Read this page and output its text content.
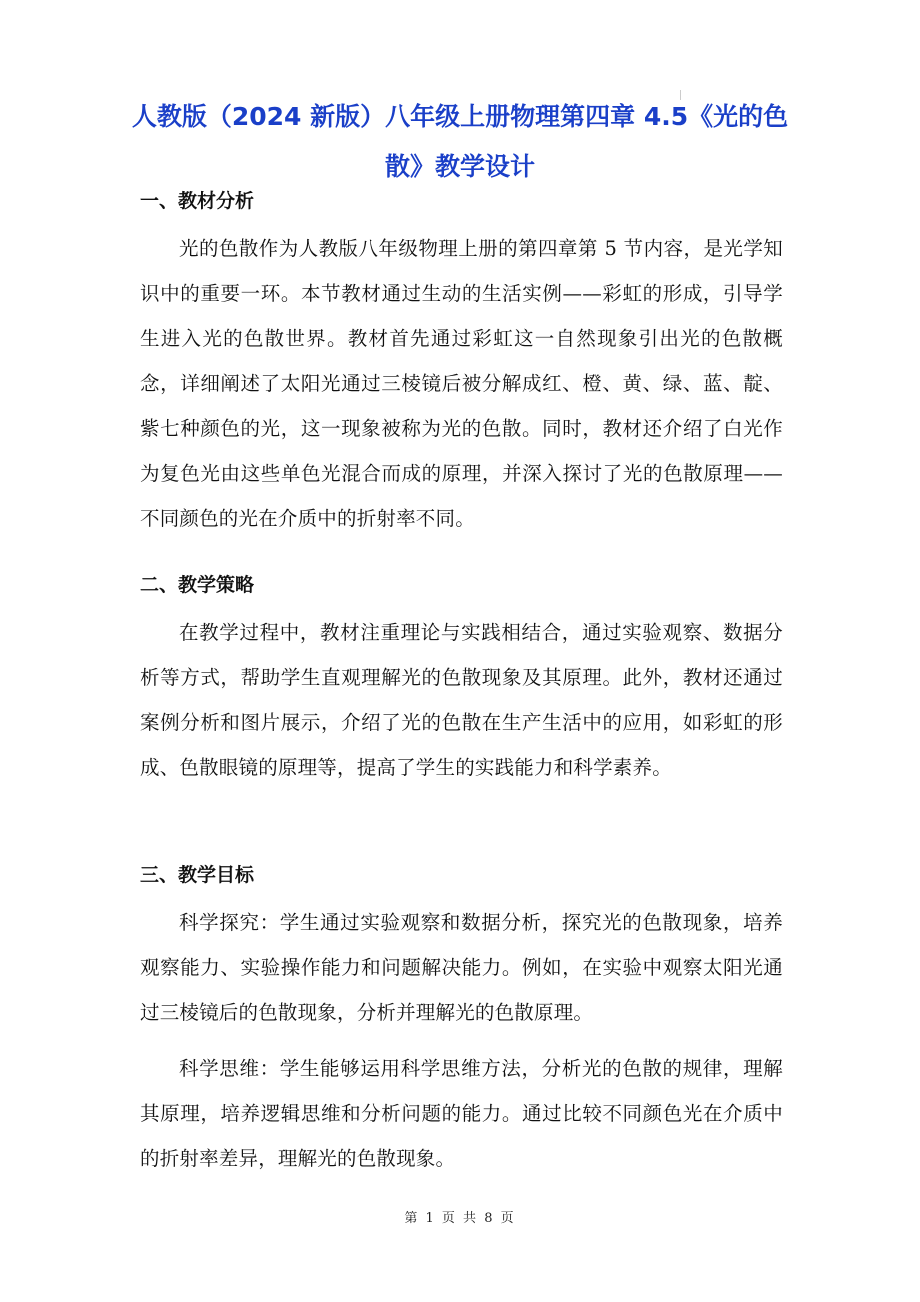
人教版（2024 新版）八年级上册物理第四章 4.5《光的色散》教学设计
一、教材分析
光的色散作为人教版八年级物理上册的第四章第 5 节内容，是光学知识中的重要一环。本节教材通过生动的生活实例——彩虹的形成，引导学生进入光的色散世界。教材首先通过彩虹这一自然现象引出光的色散概念，详细阐述了太阳光通过三棱镜后被分解成红、橙、黄、绿、蓝、靛、紫七种颜色的光，这一现象被称为光的色散。同时，教材还介绍了白光作为复色光由这些单色光混合而成的原理，并深入探讨了光的色散原理——不同颜色的光在介质中的折射率不同。
二、教学策略
在教学过程中，教材注重理论与实践相结合，通过实验观察、数据分析等方式，帮助学生直观理解光的色散现象及其原理。此外，教材还通过案例分析和图片展示，介绍了光的色散在生产生活中的应用，如彩虹的形成、色散眼镜的原理等，提高了学生的实践能力和科学素养。
三、教学目标
科学探究：学生通过实验观察和数据分析，探究光的色散现象，培养观察能力、实验操作能力和问题解决能力。例如，在实验中观察太阳光通过三棱镜后的色散现象，分析并理解光的色散原理。
科学思维：学生能够运用科学思维方法，分析光的色散的规律，理解其原理，培养逻辑思维和分析问题的能力。通过比较不同颜色光在介质中的折射率差异，理解光的色散现象。
第 1 页 共 8 页
